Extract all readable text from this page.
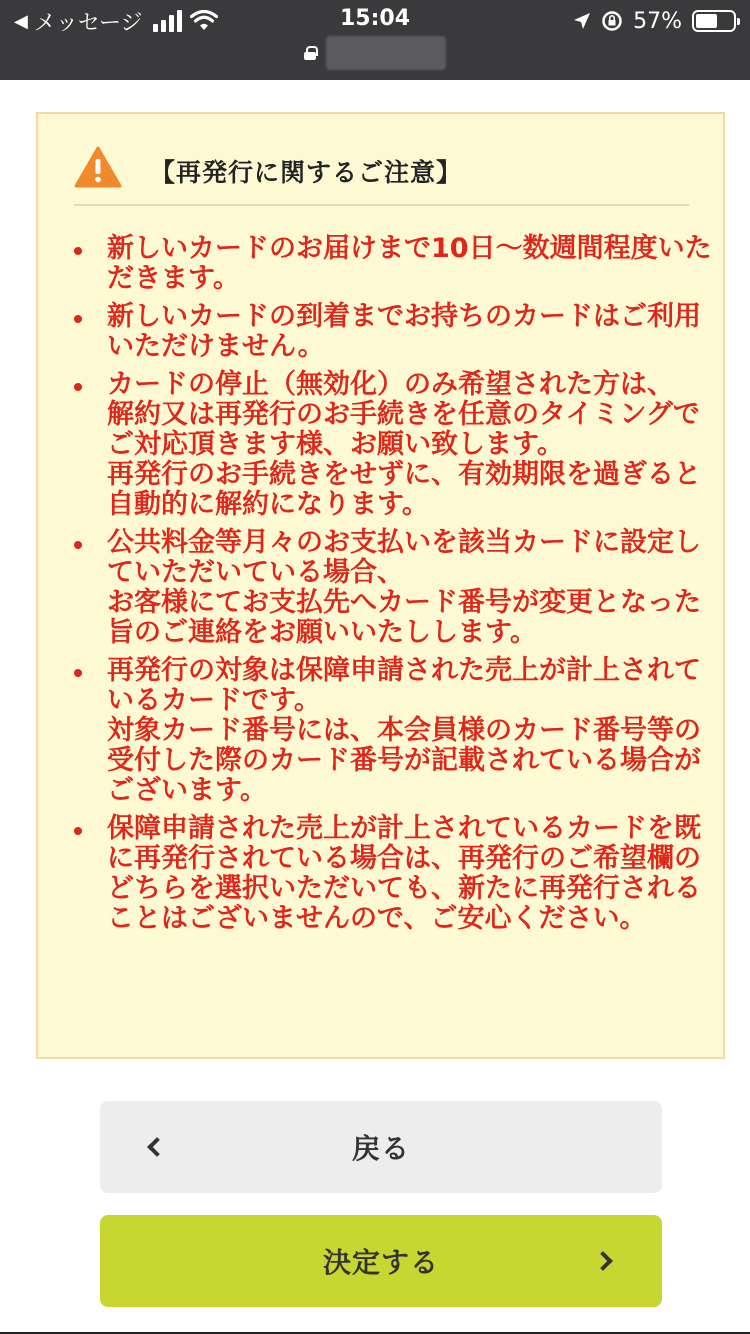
◀ メッセージ	15:04	57%
【再発行に関するご注意】

新しいカードのお届けまで10日〜数週間程度いただきます。

新しいカードの到着までお持ちのカードはご利用いただけません。

カードの停止（無効化）のみ希望された方は、
解約又は再発行のお手続きを任意のタイミングでご対応頂きます様、お願い致します。
再発行のお手続きをせずに、有効期限を過ぎると自動的に解約になります。

公共料金等月々のお支払いを該当カードに設定していただいている場合、
お客様にてお支払先へカード番号が変更となった旨のご連絡をお願いいたしします。

再発行の対象は保障申請された売上が計上されているカードです。
対象カード番号には、本会員様のカード番号等の受付した際のカード番号が記載されている場合がございます。

保障申請された売上が計上されているカードを既に再発行されている場合は、再発行のご希望欄のどちらを選択いただいても、新たに再発行されることはございませんので、ご安心ください。

戻る
決定する
